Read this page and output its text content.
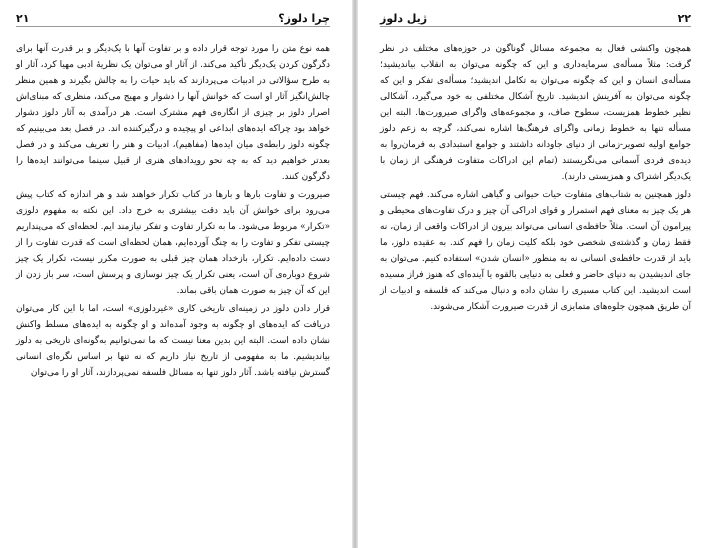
چرا دلوز؟
۲۱

همه نوع متن را مورد توجه قرار داده و بر تفاوت آنها با یک‌دیگر و بر قدرت آنها برای دگرگون کردن یک‌دیگر تأکید می‌کند. از آثار او می‌توان یک نظریهٔ ادبی مهیا کرد، آثار او به طرح سؤالاتی در ادبیات می‌پردازند که باید حیات را به چالش بگیرند و همین منظر چالش‌انگیز آثار او است که خوانش آنها را دشوار و مهیج می‌کند، منظری که مبنای‌اش اصرار دلوز بر چیزی از انگاره‌ی فهم مشترک است. هر درآمدی به آثار دلوز دشوار خواهد بود چراکه ایده‌های ابداعی او پیچیده و درگیرکننده اند. در فصل بعد می‌بینیم که چگونه دلوز رابطه‌ی میان ایده‌ها (مفاهیم)، ادبیات و هنر را تعریف می‌کند و در فصل بعدتر خواهیم دید که به چه نحو رویدادهای هنری از قبیل سینما می‌توانند ایده‌ها را دگرگون کنند.

صیرورت و تفاوت بارها و بارها در کتاب تکرار خواهند شد و هر اندازه که کتاب پیش می‌رود برای خوانش آن باید دقت بیشتری به خرج داد. این نکته به مفهوم دلوزی «تکرار» مربوط می‌شود. ما به تکرار تفاوت و تفکر نیازمند ایم. لحظه‌ای که می‌پنداریم چیستی تفکر و تفاوت را به چنگ آورده‌ایم، همان لحظه‌ای است که قدرت تفاوت را از دست داده‌ایم. تکرار، بازخداد همان چیز قبلی به صورت مکرر نیست، تکرار یک چیز شروع دوباره‌ی آن است، یعنی تکرار یک چیز نوسازی و پرسش است، سر باز زدن از این که آن چیز به صورت همان باقی بماند.

قرار دادن دلوز در زمینه‌ای تاریخی کاری «غیردلوزی» است، اما با این کار می‌توان دریافت که ایده‌های او چگونه به وجود آمده‌اند و او چگونه به ایده‌های مسلط واکنش نشان داده است. البته این بدین معنا نیست که ما نمی‌توانیم به‌گونه‌ای تاریخی به دلوز بیاندیشیم. ما به مفهومی از تاریخ نیاز داریم که نه تنها بر اساس نگره‌ای انسانی گسترش نیافته باشد. آثار دلوز تنها به مسائل فلسفه نمی‌پردازند، آثار او را می‌توان

۲۲
ژیل دلوز

همچون واکنشی فعال به مجموعه مسائل گوناگون در حوزه‌های مختلف در نظر گرفت: مثلاً مسأله‌ی سرمایه‌داری و این که چگونه می‌توان به انقلاب بیاندیشید؛ مسأله‌ی انسان و این که چگونه می‌توان به تکامل اندیشید؛ مسأله‌ی تفکر و این که چگونه می‌توان به آفرینش اندیشید. تاریخ آشکال مختلفی به خود می‌گیرد، آشکالی نظیر خطوط همزیست، سطوح صاف، و مجموعه‌های واگرای صیرورت‌ها. البته این مسأله تنها به خطوط زمانی واگرای فرهنگ‌ها اشاره نمی‌کند، گرچه به زعم دلوز جوامع اولیه تصویر-زمانی از دنیای جاودانه داشتند و جوامع استبدادی به فرمان‌روا به دیده‌ی فردی آسمانی می‌نگریستند (تمام این ادراکات متفاوت فرهنگی از زمان با یک‌دیگر اشتراک و همزیستی دارند).

دلوز همچنین به شتاب‌های متفاوت حیات حیوانی و گیاهی اشاره می‌کند. فهم چیستی هر یک چیز به معنای فهم استمرار و قوای ادراکی آن چیز و درک تفاوت‌های محیطی و پیرامون آن است. مثلاً حافظه‌ی انسانی می‌تواند بیرون از ادراکات واقعی از زمان، نه فقط زمان و گذشته‌ی شخصی خود بلکه کلیت زمان را فهم کند. به عقیده دلوز، ما باید از قدرت حافظه‌ی انسانی نه به منظور «انسان شدن» استفاده کنیم. می‌توان به جای اندیشیدن به دنیای حاضر و فعلی به دنیایی بالقوه یا آینده‌ای که هنوز فراز مسیده است اندیشید. این کتاب مسیری را نشان داده و دنبال می‌کند که فلسفه و ادبیات از آن طریق همچون جلوه‌های متمایزی از قدرت صیرورت آشکار می‌شوند.
